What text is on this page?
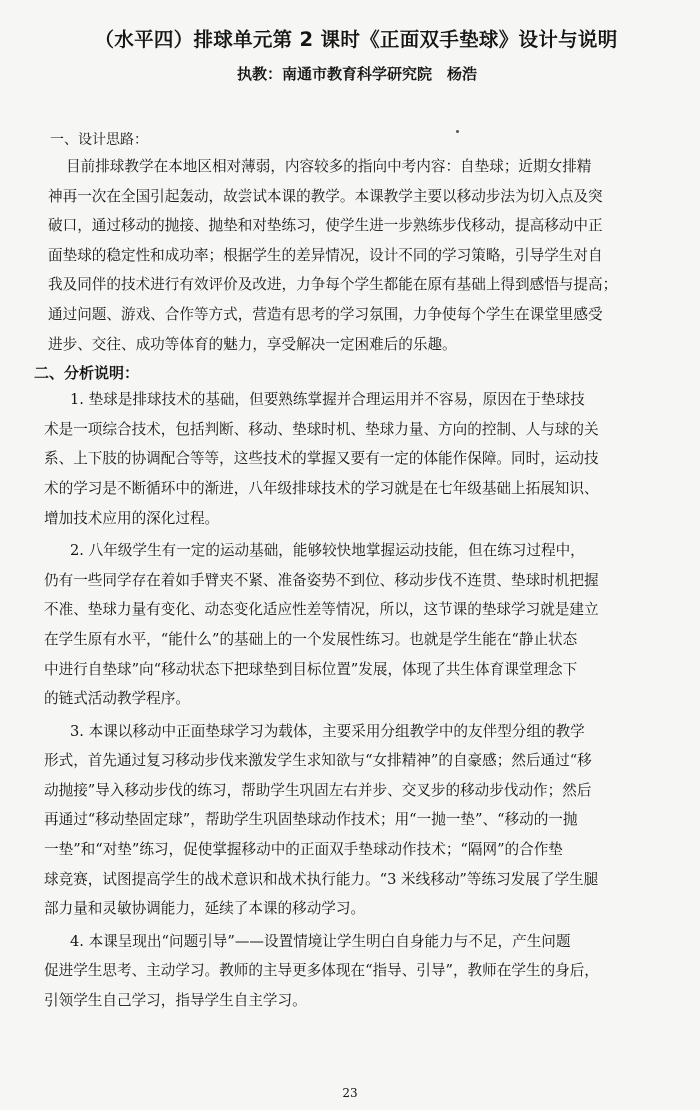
（水平四）排球单元第 2 课时《正面双手垫球》设计与说明
执教：南通市教育科学研究院　杨浩
一、设计思路：
目前排球教学在本地区相对薄弱，内容较多的指向中考内容：自垫球；近期女排精
神再一次在全国引起轰动，故尝试本课的教学。本课教学主要以移动步法为切入点及突
破口，通过移动的抛接、抛垫和对垫练习，使学生进一步熟练步伐移动，提高移动中正
面垫球的稳定性和成功率；根据学生的差异情况，设计不同的学习策略，引导学生对自
我及同伴的技术进行有效评价及改进，力争每个学生都能在原有基础上得到感悟与提高；
通过问题、游戏、合作等方式，营造有思考的学习氛围，力争使每个学生在课堂里感受
进步、交往、成功等体育的魅力，享受解决一定困难后的乐趣。
二、分析说明：
1. 垫球是排球技术的基础，但要熟练掌握并合理运用并不容易，原因在于垫球技
术是一项综合技术，包括判断、移动、垫球时机、垫球力量、方向的控制、人与球的关
系、上下肢的协调配合等等，这些技术的掌握又要有一定的体能作保障。同时，运动技
术的学习是不断循环中的渐进，八年级排球技术的学习就是在七年级基础上拓展知识、
增加技术应用的深化过程。
2. 八年级学生有一定的运动基础，能够较快地掌握运动技能，但在练习过程中，
仍有一些同学存在着如手臂夹不紧、准备姿势不到位、移动步伐不连贯、垫球时机把握
不准、垫球力量有变化、动态变化适应性差等情况，所以，这节课的垫球学习就是建立
在学生原有水平，“能什么”的基础上的一个发展性练习。也就是学生能在“静止状态
中进行自垫球”向“移动状态下把球垫到目标位置”发展，体现了共生体育课堂理念下
的链式活动教学程序。
3. 本课以移动中正面垫球学习为载体，主要采用分组教学中的友伴型分组的教学
形式，首先通过复习移动步伐来激发学生求知欲与“女排精神”的自豪感；然后通过“移
动抛接”导入移动步伐的练习，帮助学生巩固左右并步、交叉步的移动步伐动作；然后
再通过“移动垫固定球”，帮助学生巩固垫球动作技术；用“一抛一垫”、“移动的一抛
一垫”和“对垫”练习，促使掌握移动中的正面双手垫球动作技术；“隔网”的合作垫
球竞赛，试图提高学生的战术意识和战术执行能力。“3 米线移动”等练习发展了学生腿
部力量和灵敏协调能力，延续了本课的移动学习。
4. 本课呈现出“问题引导”——设置情境让学生明白自身能力与不足，产生问题
促进学生思考、主动学习。教师的主导更多体现在“指导、引导”，教师在学生的身后，
引领学生自己学习，指导学生自主学习。
23
